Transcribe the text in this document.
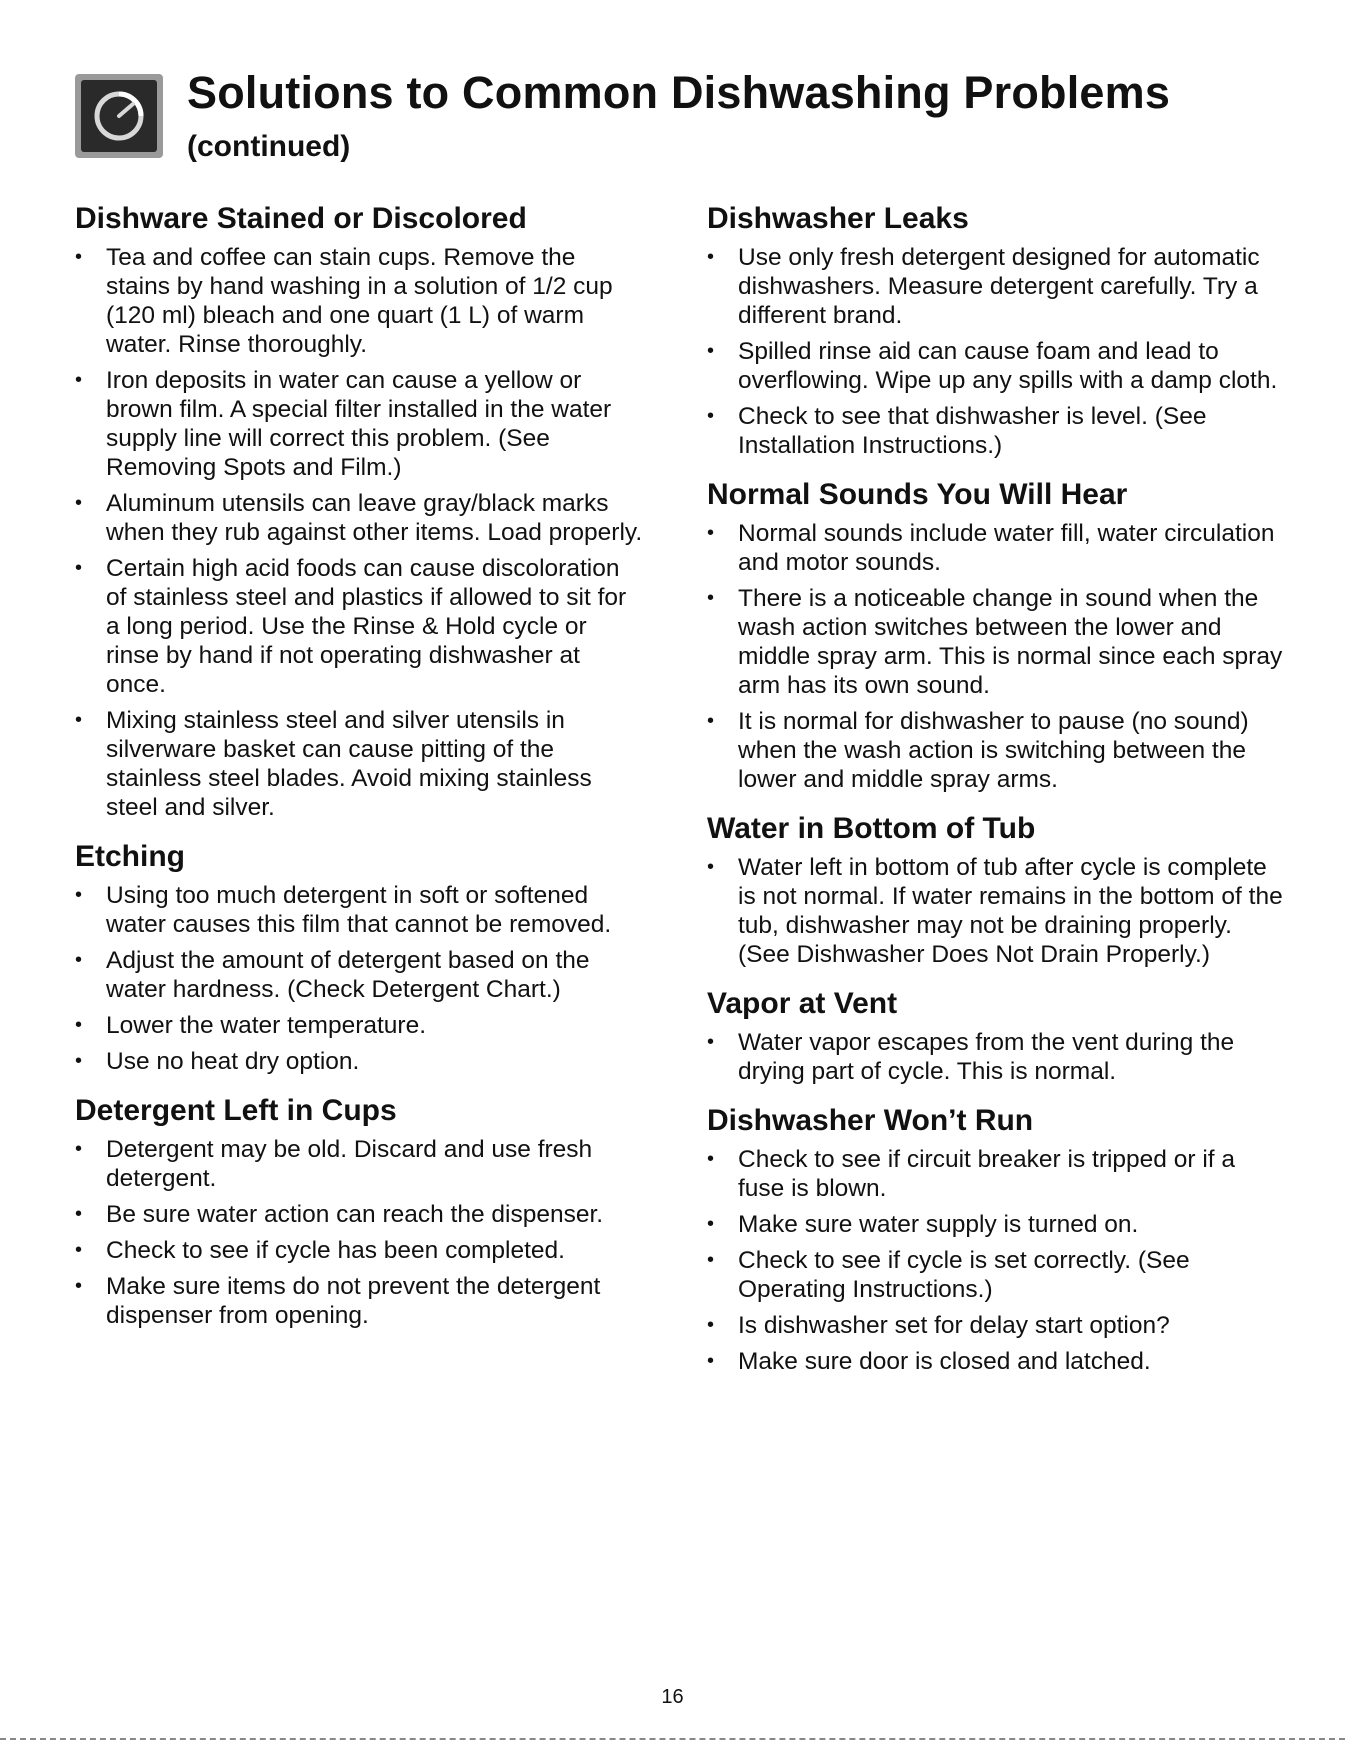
Solutions to Common Dishwashing Problems

(continued)

Dishware Stained or Discolored
• Tea and coffee can stain cups. Remove the stains by hand washing in a solution of 1/2 cup (120 ml) bleach and one quart (1 L) of warm water. Rinse thoroughly.
• Iron deposits in water can cause a yellow or brown film. A special filter installed in the water supply line will correct this problem. (See Removing Spots and Film.)
• Aluminum utensils can leave gray/black marks when they rub against other items. Load properly.
• Certain high acid foods can cause discoloration of stainless steel and plastics if allowed to sit for a long period. Use the Rinse & Hold cycle or rinse by hand if not operating dishwasher at once.
• Mixing stainless steel and silver utensils in silverware basket can cause pitting of the stainless steel blades. Avoid mixing stainless steel and silver.
Etching
• Using too much detergent in soft or softened water causes this film that cannot be removed.
• Adjust the amount of detergent based on the water hardness. (Check Detergent Chart.)
• Lower the water temperature.
• Use no heat dry option.
Detergent Left in Cups
• Detergent may be old. Discard and use fresh detergent.
• Be sure water action can reach the dispenser.
• Check to see if cycle has been completed.
• Make sure items do not prevent the detergent dispenser from opening.
Dishwasher Leaks
• Use only fresh detergent designed for automatic dishwashers. Measure detergent carefully. Try a different brand.
• Spilled rinse aid can cause foam and lead to overflowing. Wipe up any spills with a damp cloth.
• Check to see that dishwasher is level. (See Installation Instructions.)
Normal Sounds You Will Hear
• Normal sounds include water fill, water circulation and motor sounds.
• There is a noticeable change in sound when the wash action switches between the lower and middle spray arm. This is normal since each spray arm has its own sound.
• It is normal for dishwasher to pause (no sound) when the wash action is switching between the lower and middle spray arms.
Water in Bottom of Tub
• Water left in bottom of tub after cycle is complete is not normal. If water remains in the bottom of the tub, dishwasher may not be draining properly. (See Dishwasher Does Not Drain Properly.)
Vapor at Vent
• Water vapor escapes from the vent during the drying part of cycle. This is normal.
Dishwasher Won’t Run
• Check to see if circuit breaker is tripped or if a fuse is blown.
• Make sure water supply is turned on.
• Check to see if cycle is set correctly. (See Operating Instructions.)
• Is dishwasher set for delay start option?
• Make sure door is closed and latched.
16
